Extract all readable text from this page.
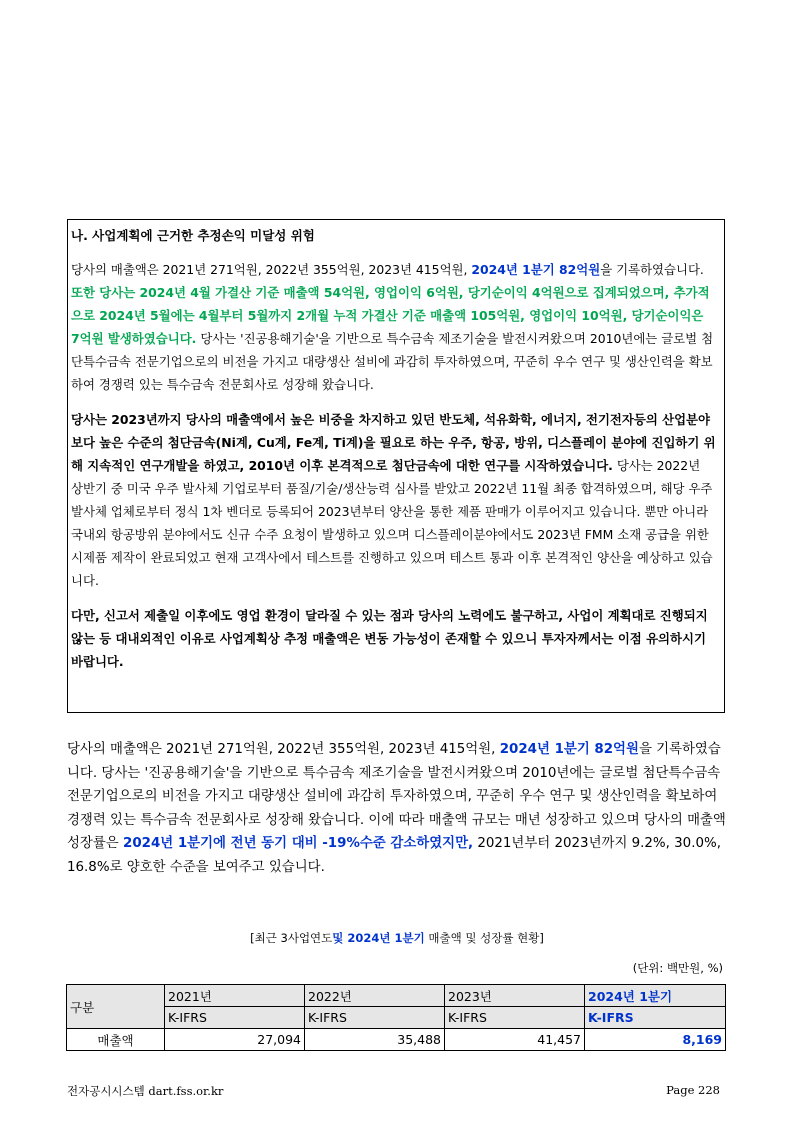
나. 사업계획에 근거한 추정손익 미달성 위험

당사의 매출액은 2021년 271억원, 2022년 355억원, 2023년 415억원, 2024년 1분기 82억원을 기록하였습니다. 또한 당사는 2024년 4월 가결산 기준 매출액 54억원, 영업이익 6억원, 당기순이익 4억원으로 집계되었으며, 추가적으로 2024년 5월에는 4월부터 5월까지 2개월 누적 가결산 기준 매출액 105억원, 영업이익 10억원, 당기순이익은 7억원 발생하였습니다. 당사는 '진공용해기술'을 기반으로 특수금속 제조기술을 발전시켜왔으며 2010년에는 글로벌 첨단특수금속 전문기업으로의 비전을 가지고 대량생산 설비에 과감히 투자하였으며, 꾸준히 우수 연구 및 생산인력을 확보하여 경쟁력 있는 특수금속 전문회사로 성장해 왔습니다.

당사는 2023년까지 당사의 매출액에서 높은 비중을 차지하고 있던 반도체, 석유화학, 에너지, 전기전자등의 산업분야보다 높은 수준의 첨단금속(Ni계, Cu계, Fe계, Ti계)을 필요로 하는 우주, 항공, 방위, 디스플레이 분야에 진입하기 위해 지속적인 연구개발을 하였고, 2010년 이후 본격적으로 첨단금속에 대한 연구를 시작하였습니다. 당사는 2022년 상반기 중 미국 우주 발사체 기업로부터 품질/기술/생산능력 심사를 받았고 2022년 11월 최종 합격하였으며, 해당 우주 발사체 업체로부터 정식 1차 벤더로 등록되어 2023년부터 양산을 통한 제품 판매가 이루어지고 있습니다. 뿐만 아니라 국내외 항공방위 분야에서도 신규 수주 요청이 발생하고 있으며 디스플레이분야에서도 2023년 FMM 소재 공급을 위한 시제품 제작이 완료되었고 현재 고객사에서 테스트를 진행하고 있으며 테스트 통과 이후 본격적인 양산을 예상하고 있습니다.

다만, 신고서 제출일 이후에도 영업 환경이 달라질 수 있는 점과 당사의 노력에도 불구하고, 사업이 계획대로 진행되지 않는 등 대내외적인 이유로 사업계획상 추정 매출액은 변동 가능성이 존재할 수 있으니 투자자께서는 이점 유의하시기 바랍니다.

당사의 매출액은 2021년 271억원, 2022년 355억원, 2023년 415억원, 2024년 1분기 82억원을 기록하였습니다. 당사는 '진공용해기술'을 기반으로 특수금속 제조기술을 발전시켜왔으며 2010년에는 글로벌 첨단특수금속 전문기업으로의 비전을 가지고 대량생산 설비에 과감히 투자하였으며, 꾸준히 우수 연구 및 생산인력을 확보하여 경쟁력 있는 특수금속 전문회사로 성장해 왔습니다. 이에 따라 매출액 규모는 매년 성장하고 있으며 당사의 매출액 성장률은 2024년 1분기에 전년 동기 대비 -19%수준 감소하였지만, 2021년부터 2023년까지 9.2%, 30.0%, 16.8%로 양호한 수준을 보여주고 있습니다.
[최근 3사업연도및 2024년 1분기 매출액 및 성장률 현황]
(단위: 백만원, %)
구분	2021년	2022년	2023년	2024년 1분기
	K-IFRS	K-IFRS	K-IFRS	K-IFRS
매출액	27,094	35,488	41,457	8,169
전자공시시스템 dart.fss.or.kr	Page 228
